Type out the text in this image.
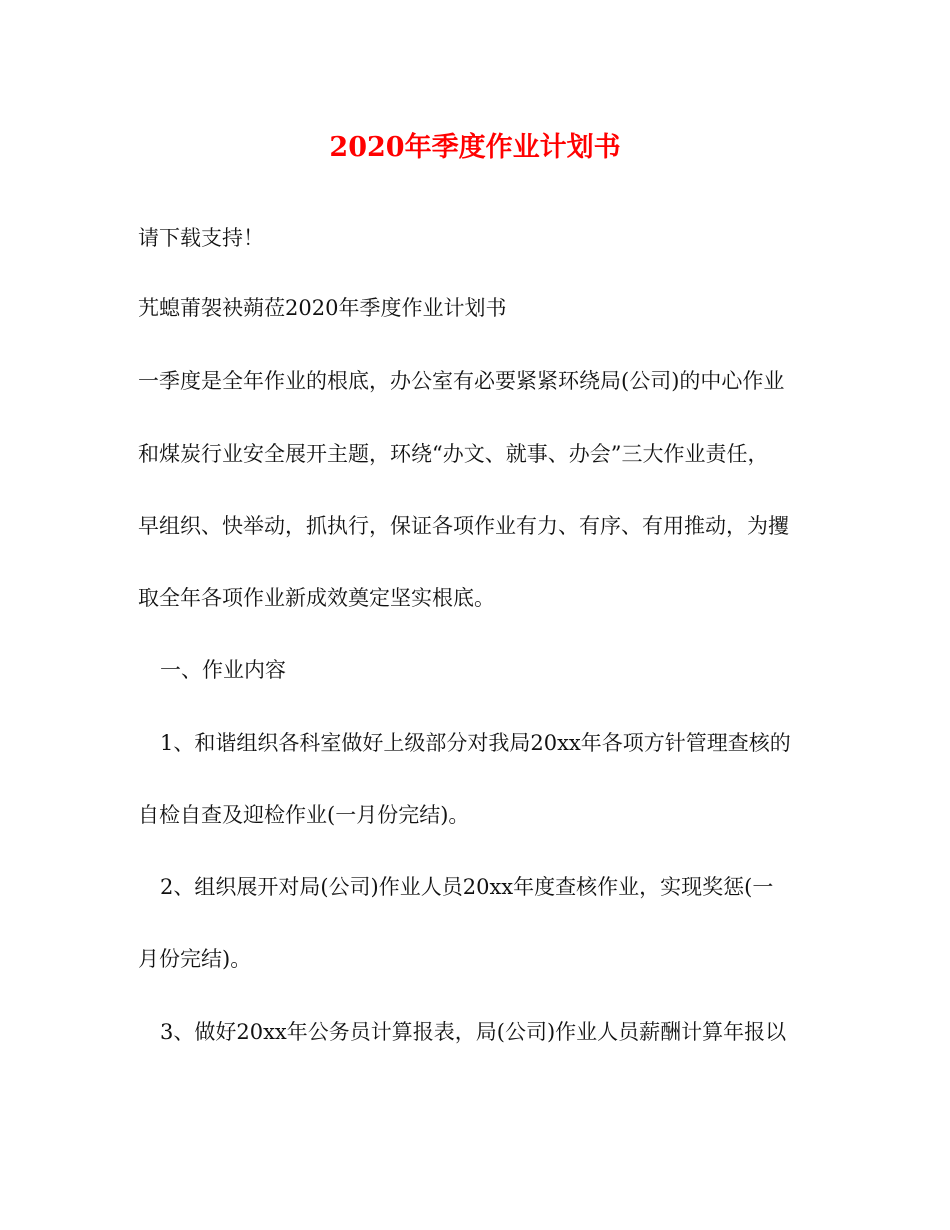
2020年季度作业计划书

请下载支持！

艽螅莆袈袂蒴莅2020年季度作业计划书

一季度是全年作业的根底，办公室有必要紧紧环绕局(公司)的中心作业

和煤炭行业安全展开主题，环绕“办文、就事、办会”三大作业责任，

早组织、快举动，抓执行，保证各项作业有力、有序、有用推动，为攫

取全年各项作业新成效奠定坚实根底。

一、作业内容

1、和谐组织各科室做好上级部分对我局20xx年各项方针管理查核的

自检自查及迎检作业(一月份完结)。

2、组织展开对局(公司)作业人员20xx年度查核作业，实现奖惩(一

月份完结)。

3、做好20xx年公务员计算报表，局(公司)作业人员薪酬计算年报以
